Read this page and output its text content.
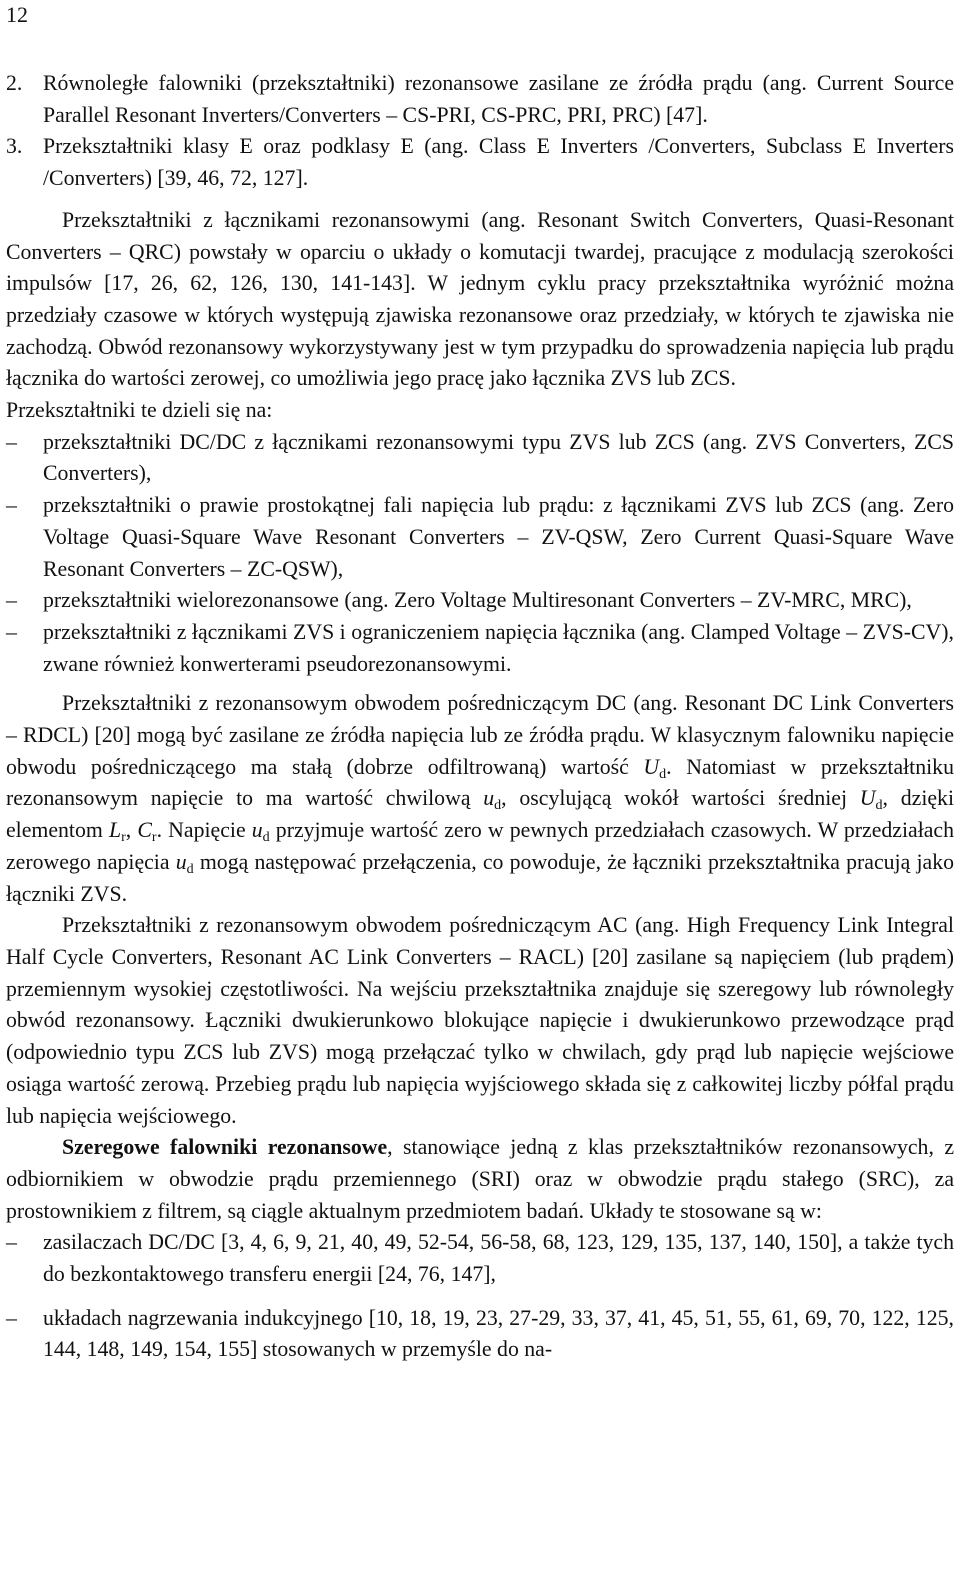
12

2. Równoległe falowniki (przekształtniki) rezonansowe zasilane ze źródła prądu (ang. Current Source Parallel Resonant Inverters/Converters – CS-PRI, CS-PRC, PRI, PRC) [47].

3. Przekształtniki klasy E oraz podklasy E (ang. Class E Inverters /Converters, Subclass E Inverters /Converters) [39, 46, 72, 127].

Przekształtniki z łącznikami rezonansowymi (ang. Resonant Switch Converters, Quasi-Resonant Converters – QRC) powstały w oparciu o układy o komutacji twardej, pracujące z modulacją szerokości impulsów [17, 26, 62, 126, 130, 141-143]. W jednym cyklu pracy przekształtnika wyróżnić można przedziały czasowe w których występują zjawiska rezonansowe oraz przedziały, w których te zjawiska nie zachodzą. Obwód rezonansowy wykorzystywany jest w tym przypadku do sprowadzenia napięcia lub prądu łącznika do wartości zerowej, co umożliwia jego pracę jako łącznika ZVS lub ZCS.

Przekształtniki te dzieli się na:

– przekształtniki DC/DC z łącznikami rezonansowymi typu ZVS lub ZCS (ang. ZVS Converters, ZCS Converters),

– przekształtniki o prawie prostokątnej fali napięcia lub prądu: z łącznikami ZVS lub ZCS (ang. Zero Voltage Quasi-Square Wave Resonant Converters – ZV-QSW, Zero Current Quasi-Square Wave Resonant Converters – ZC-QSW),

– przekształtniki wielorezonansowe (ang. Zero Voltage Multiresonant Converters – ZV-MRC, MRC),

– przekształtniki z łącznikami ZVS i ograniczeniem napięcia łącznika (ang. Clamped Voltage – ZVS-CV), zwane również konwerterami pseudorezonansowymi.

Przekształtniki z rezonansowym obwodem pośredniczącym DC (ang. Resonant DC Link Converters – RDCL) [20] mogą być zasilane ze źródła napięcia lub ze źródła prądu. W klasycznym falowniku napięcie obwodu pośredniczącego ma stałą (dobrze odfiltrowaną) wartość $U_d$. Natomiast w przekształtniku rezonansowym napięcie to ma wartość chwilową $u_d$, oscylującą wokół wartości średniej $U_d$, dzięki elementom $L_r$, $C_r$. Napięcie $u_d$ przyjmuje wartość zero w pewnych przedziałach czasowych. W przedziałach zerowego napięcia $u_d$ mogą następować przełączenia, co powoduje, że łączniki przekształtnika pracują jako łączniki ZVS.

Przekształtniki z rezonansowym obwodem pośredniczącym AC (ang. High Frequency Link Integral Half Cycle Converters, Resonant AC Link Converters – RACL) [20] zasilane są napięciem (lub prądem) przemiennym wysokiej częstotliwości. Na wejściu przekształtnika znajduje się szeregowy lub równoległy obwód rezonansowy. Łączniki dwukierunkowo blokujące napięcie i dwukierunkowo przewodzące prąd (odpowiednio typu ZCS lub ZVS) mogą przełączać tylko w chwilach, gdy prąd lub napięcie wejściowe osiąga wartość zerową. Przebieg prądu lub napięcia wyjściowego składa się z całkowitej liczby półfal prądu lub napięcia wejściowego.

Szeregowe falowniki rezonansowe, stanowiące jedną z klas przekształtników rezonansowych, z odbiornikiem w obwodzie prądu przemiennego (SRI) oraz w obwodzie prądu stałego (SRC), za prostownikiem z filtrem, są ciągle aktualnym przedmiotem badań. Układy te stosowane są w:

– zasilaczach DC/DC [3, 4, 6, 9, 21, 40, 49, 52-54, 56-58, 68, 123, 129, 135, 137, 140, 150], a także tych do bezkontaktowego transferu energii [24, 76, 147],

– układach nagrzewania indukcyjnego [10, 18, 19, 23, 27-29, 33, 37, 41, 45, 51, 55, 61, 69, 70, 122, 125, 144, 148, 149, 154, 155] stosowanych w przemyśle do na-
